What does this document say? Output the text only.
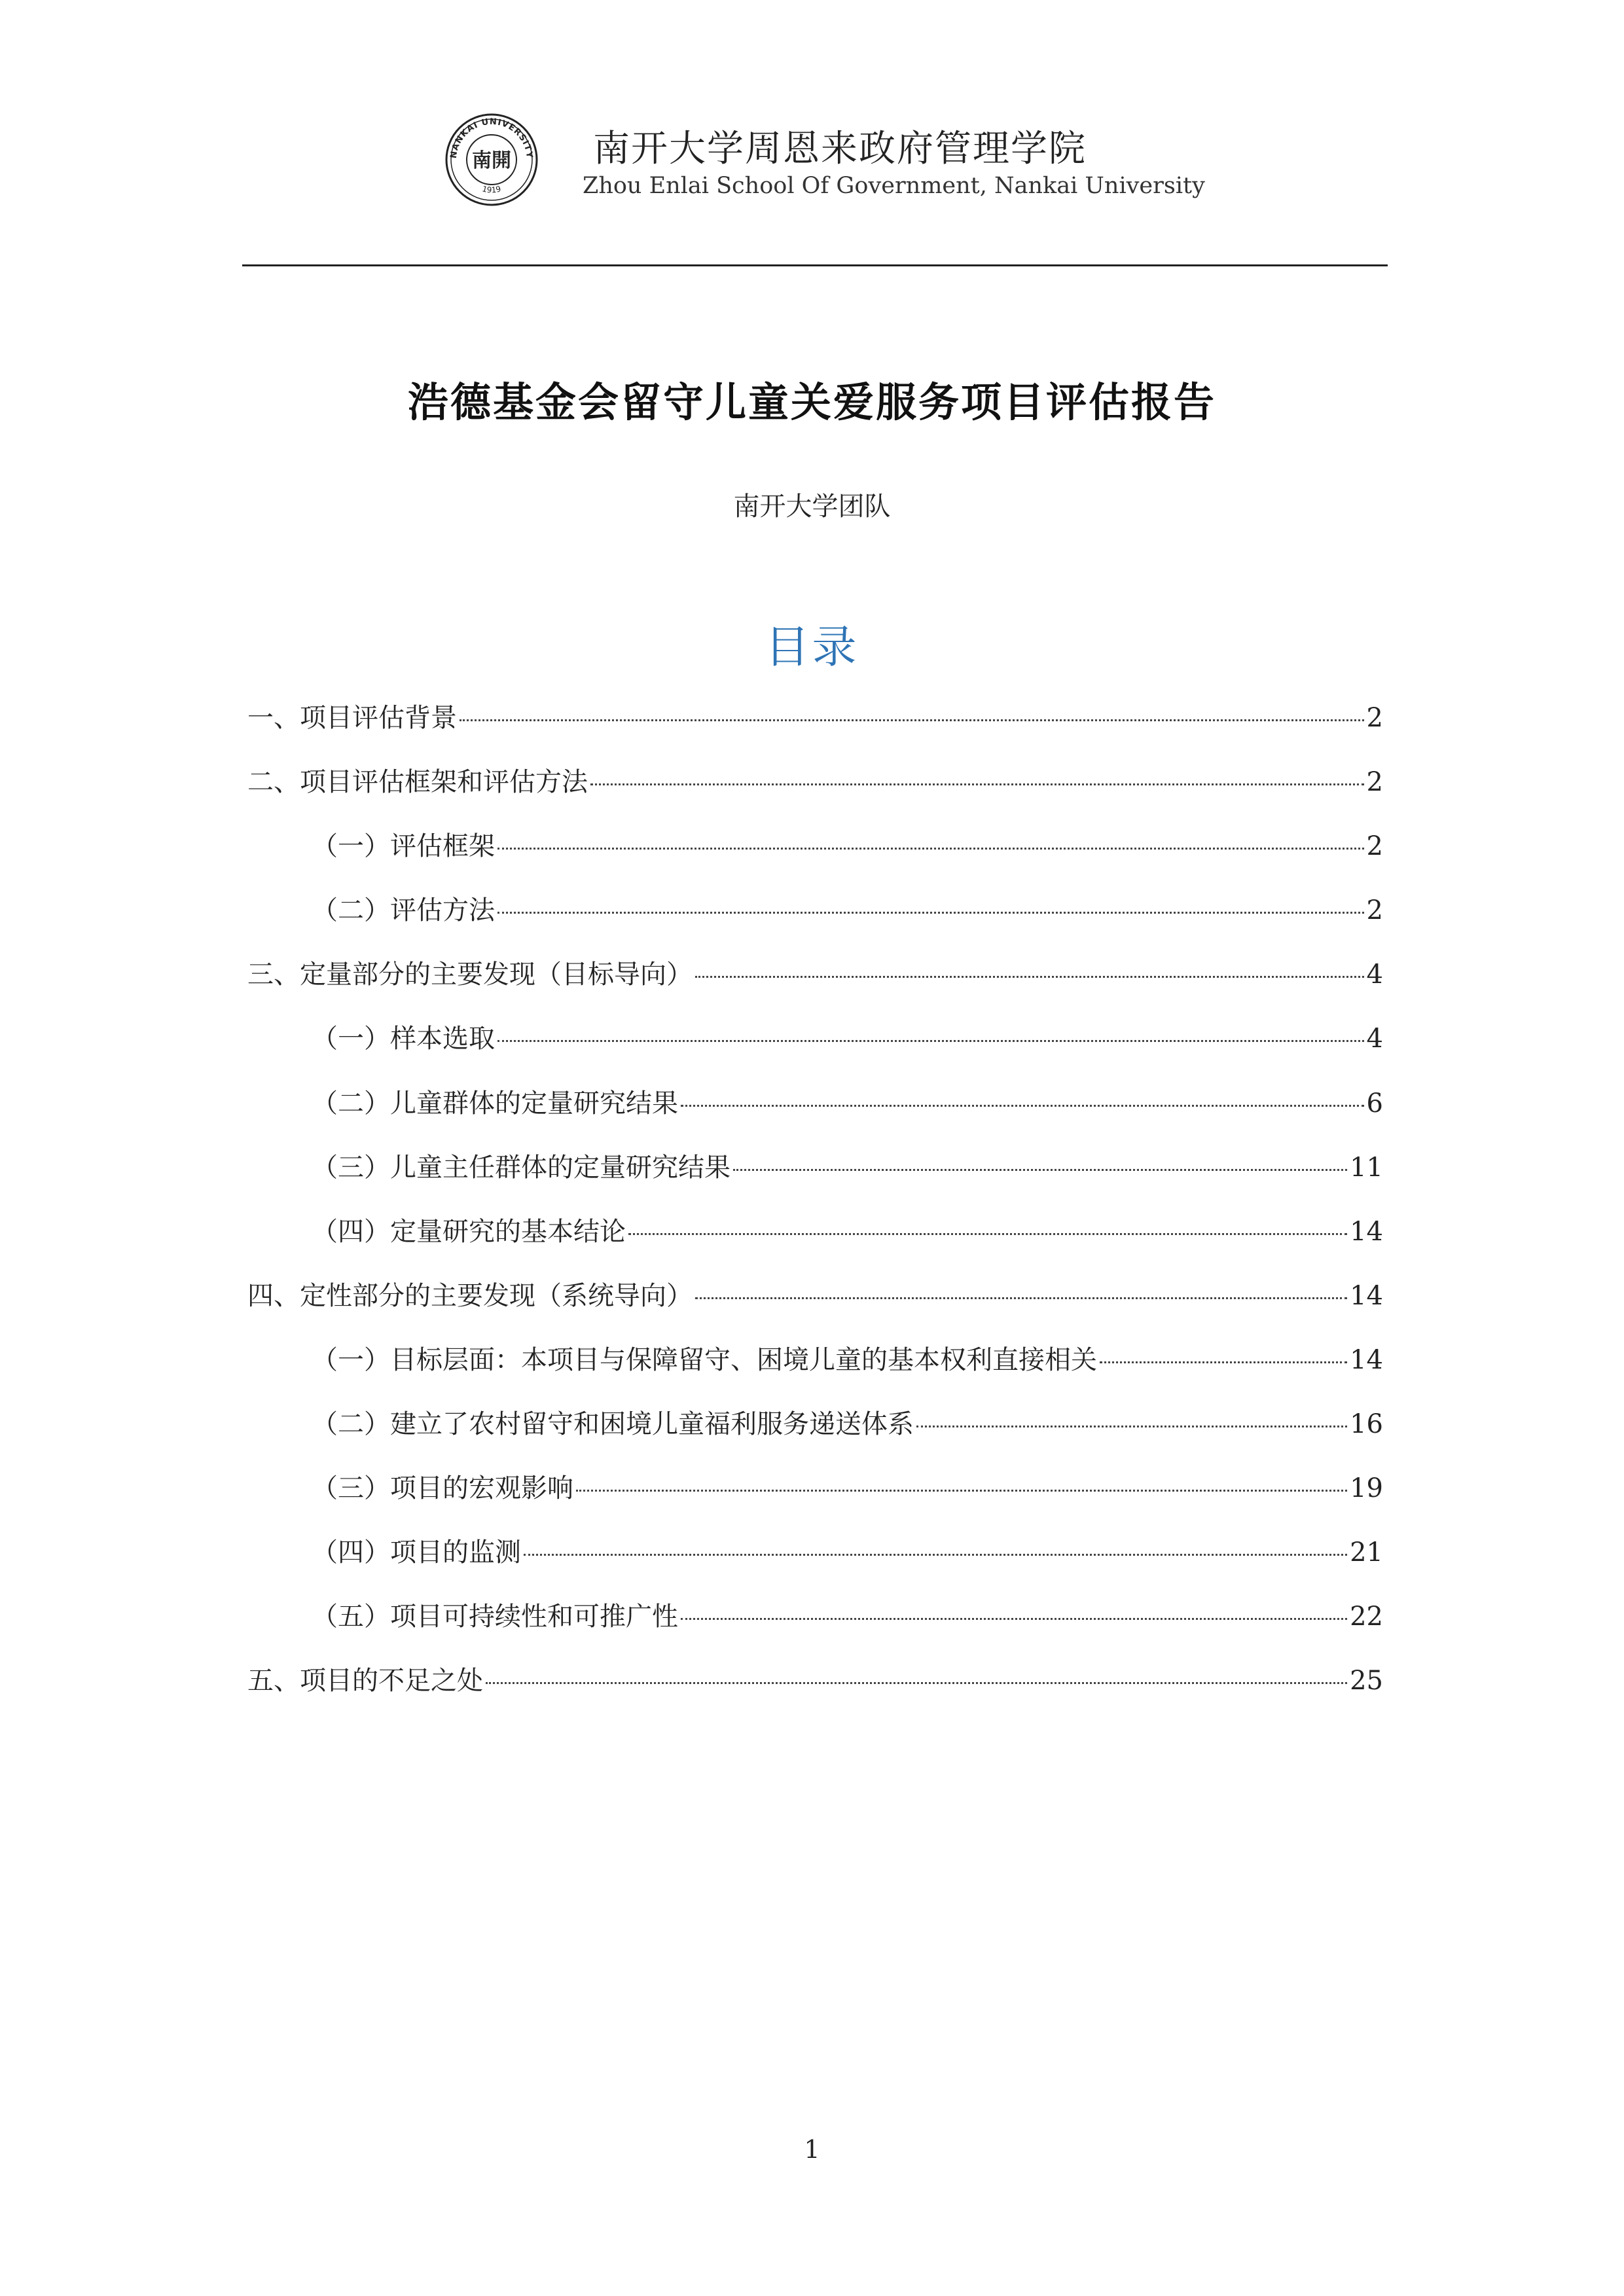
NANKAI UNIVERSITY
1919
南開 南开大学周恩来政府管理学院
Zhou Enlai School Of Government, Nankai University
浩德基金会留守儿童关爱服务项目评估报告
南开大学团队
目录
一、项目评估背景	2
二、项目评估框架和评估方法	2
（一）评估框架	2
（二）评估方法	2
三、定量部分的主要发现（目标导向）	4
（一）样本选取	4
（二）儿童群体的定量研究结果	6
（三）儿童主任群体的定量研究结果	11
（四）定量研究的基本结论	14
四、定性部分的主要发现（系统导向）	14
（一）目标层面：本项目与保障留守、困境儿童的基本权利直接相关	14
（二）建立了农村留守和困境儿童福利服务递送体系	16
（三）项目的宏观影响	19
（四）项目的监测	21
（五）项目可持续性和可推广性	22
五、项目的不足之处	25
1
